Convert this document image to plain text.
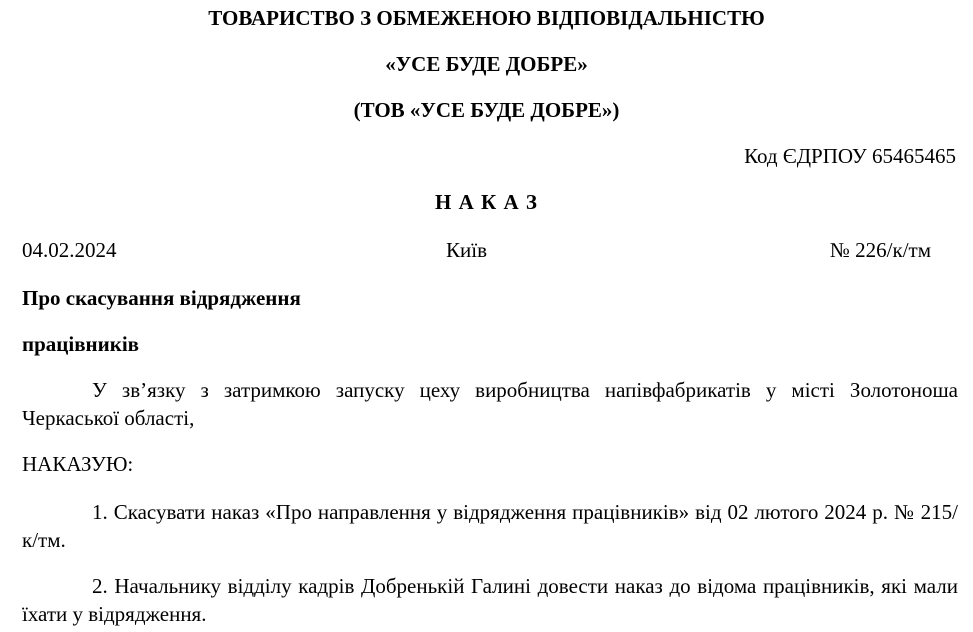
ТОВАРИСТВО З ОБМЕЖЕНОЮ ВІДПОВІДАЛЬНІСТЮ
«УСЕ БУДЕ ДОБРЕ»
(ТОВ «УСЕ БУДЕ ДОБРЕ»)
Код ЄДРПОУ 65465465
Н А К А З
04.02.2024	Київ	№ 226/к/тм
Про скасування відрядження
працівників
У зв’язку з затримкою запуску цеху виробництва напівфабрикатів у місті Золотоноша Черкаської області,
НАКАЗУЮ:
1. Скасувати наказ «Про направлення у відрядження працівників» від 02 лютого 2024 р. № 215/к/тм.
2. Начальнику відділу кадрів Добренькій Галині довести наказ до відома працівників, які мали їхати у відрядження.
